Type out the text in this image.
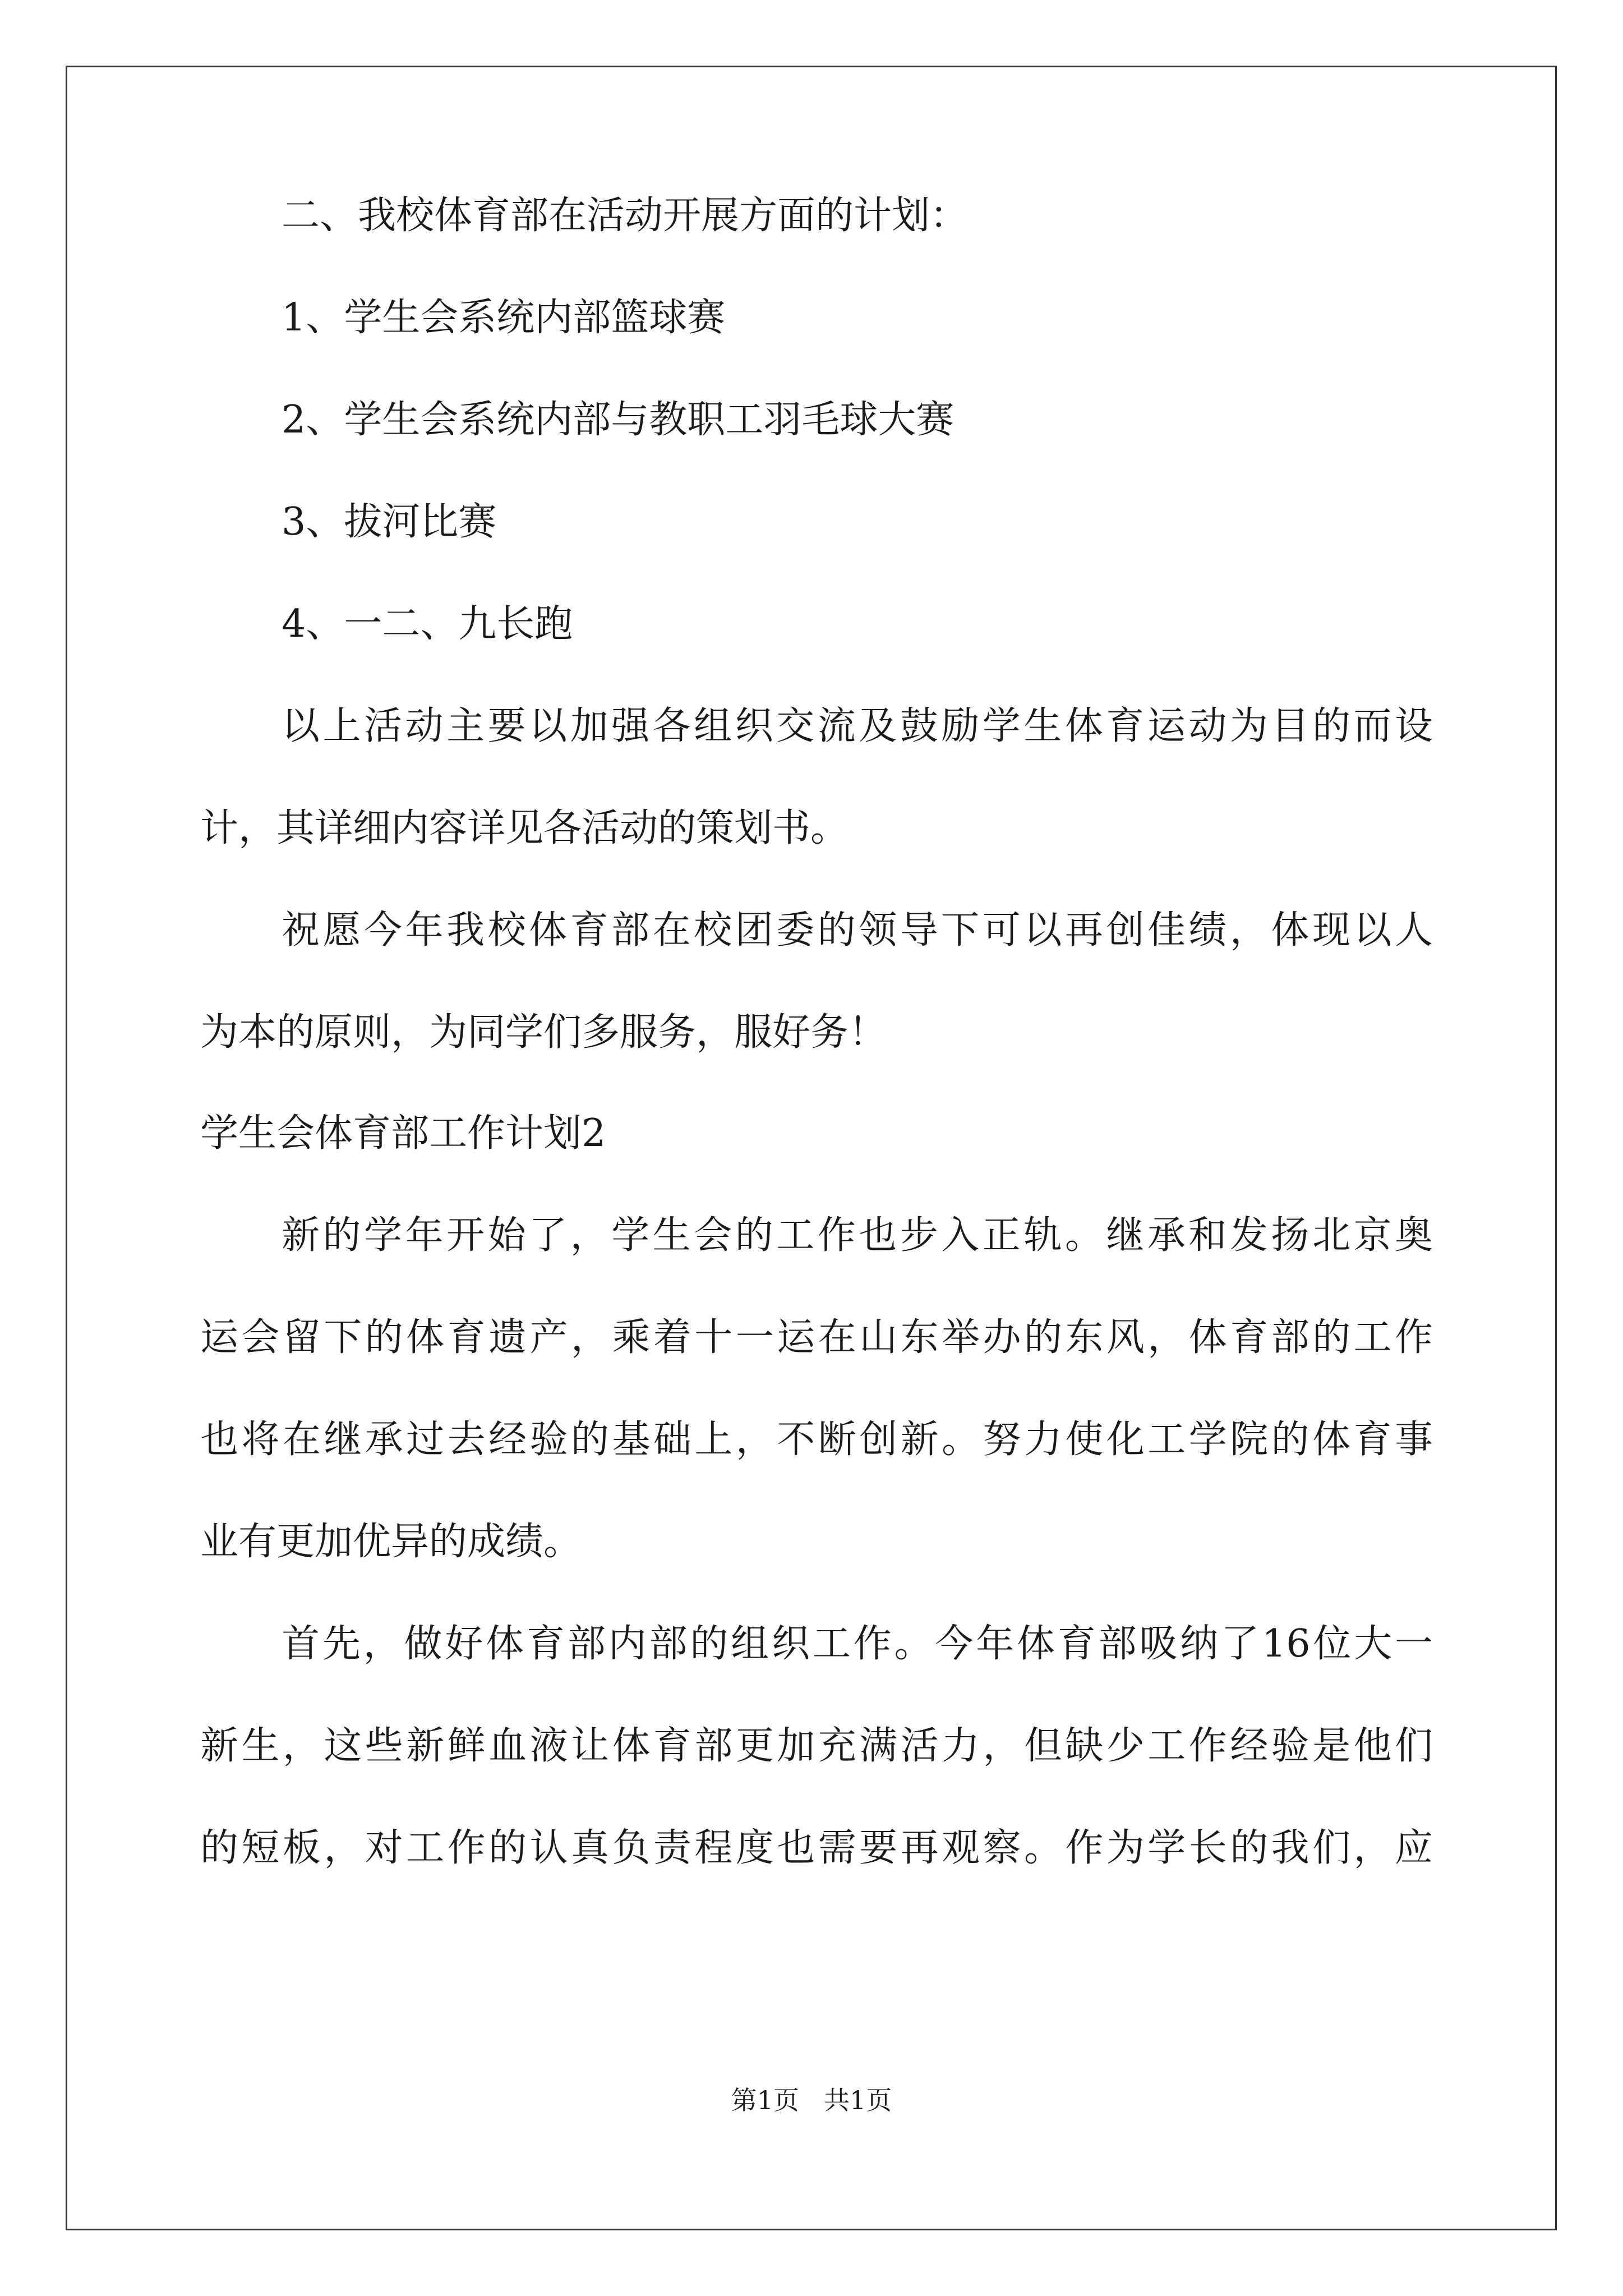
二、我校体育部在活动开展方面的计划：
1、学生会系统内部篮球赛
2、学生会系统内部与教职工羽毛球大赛
3、拔河比赛
4、一二、九长跑
以上活动主要以加强各组织交流及鼓励学生体育运动为目的而设
计，其详细内容详见各活动的策划书。
祝愿今年我校体育部在校团委的领导下可以再创佳绩，体现以人
为本的原则，为同学们多服务，服好务！
学生会体育部工作计划2
新的学年开始了，学生会的工作也步入正轨。继承和发扬北京奥
运会留下的体育遗产，乘着十一运在山东举办的东风，体育部的工作
也将在继承过去经验的基础上，不断创新。努力使化工学院的体育事
业有更加优异的成绩。
首先，做好体育部内部的组织工作。今年体育部吸纳了16位大一
新生，这些新鲜血液让体育部更加充满活力，但缺少工作经验是他们
的短板，对工作的认真负责程度也需要再观察。作为学长的我们，应
第1页 共1页
